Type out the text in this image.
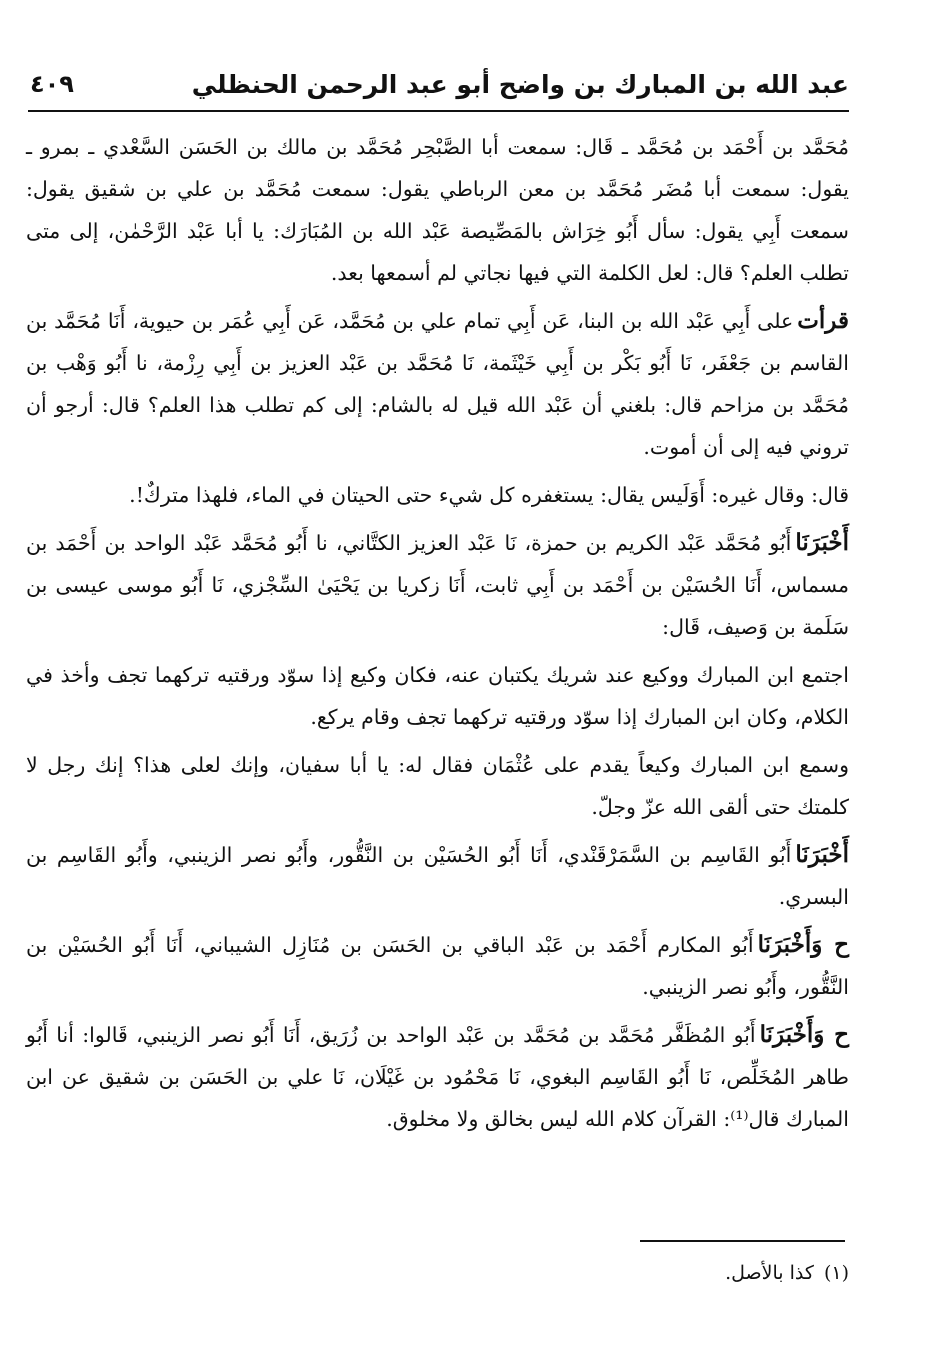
عبد الله بن المبارك بن واضح أبو عبد الرحمن الحنظلي
٤٠٩

مُحَمَّد بن أَحْمَد بن مُحَمَّد ـ قَال: سمعت أبا الصَّبْحِر مُحَمَّد بن مالك بن الحَسَن السَّعْدي ـ بمرو ـ يقول: سمعت أبا مُضَر مُحَمَّد بن معن الرباطي يقول: سمعت مُحَمَّد بن علي بن شقيق يقول: سمعت أَبِي يقول: سأل أَبُو خِرَاش بالمَصِّيصة عَبْد الله بن المُبَارَك: يا أبا عَبْد الرَّحْمٰن، إلى متى تطلب العلم؟ قال: لعل الكلمة التي فيها نجاتي لم أسمعها بعد.

قرأتعلى أَبِي عَبْد الله بن البنا، عَن أَبِي تمام علي بن مُحَمَّد، عَن أَبِي عُمَر بن حيوية، أَنَا مُحَمَّد بن القاسم بن جَعْفَر، نَا أَبُو بَكْر بن أَبِي خَيْثَمة، نَا مُحَمَّد بن عَبْد العزيز بن أَبِي رِزْمة، نا أَبُو وَهْب بن مُحَمَّد بن مزاحم قال: بلغني أن عَبْد الله قيل له بالشام: إلى كم تطلب هذا العلم؟ قال: أرجو أن تروني فيه إلى أن أموت.

قال: وقال غيره: أَوَلَيس يقال: يستغفره كل شيء حتى الحيتان في الماء، فلهذا متركٌ!.

أَخْبَرَنَاأَبُو مُحَمَّد عَبْد الكريم بن حمزة، نَا عَبْد العزيز الكتَّاني، نا أَبُو مُحَمَّد عَبْد الواحد بن أَحْمَد بن مسماس، أَنَا الحُسَيْن بن أَحْمَد بن أَبِي ثابت، أَنَا زكريا بن يَحْيَىٰ السِّجْزي، نَا أَبُو موسى عيسى بن سَلَمة بن وَصيف، قَال:

اجتمع ابن المبارك ووكيع عند شريك يكتبان عنه، فكان وكيع إذا سوّد ورقتيه تركهما تجف وأخذ في الكلام، وكان ابن المبارك إذا سوّد ورقتيه تركهما تجف وقام يركع.

وسمع ابن المبارك وكيعاً يقدم على عُثْمَان فقال له: يا أبا سفيان، وإنك لعلى هذا؟ إنك رجل لا كلمتك حتى ألقى الله عزّ وجلّ.

أَخْبَرَنَاأَبُو القَاسِم بن السَّمَرْقَنْدي، أَنَا أَبُو الحُسَيْن بن النَّقُّور، وأَبُو نصر الزينبي، وأَبُو القَاسِم بن البسري.

ح وَأَخْبَرَنَاأَبُو المكارم أَحْمَد بن عَبْد الباقي بن الحَسَن بن مُنَازِل الشيباني، أَنَا أَبُو الحُسَيْن بن النَّقُّور، وأَبُو نصر الزينبي.

ح وَأَخْبَرَنَاأَبُو المُظَفَّر مُحَمَّد بن مُحَمَّد بن عَبْد الواحد بن زُرَيق، أَنَا أَبُو نصر الزينبي، قَالوا: أنا أَبُو طاهر المُخَلِّص، نَا أَبُو القَاسِم البغوي، نَا مَحْمُود بن غَيْلَان، نَا علي بن الحَسَن بن شقيق عن ابن المبارك قال⁽¹⁾: القرآن كلام الله ليس بخالق ولا مخلوق.

(١)كذا بالأصل.
